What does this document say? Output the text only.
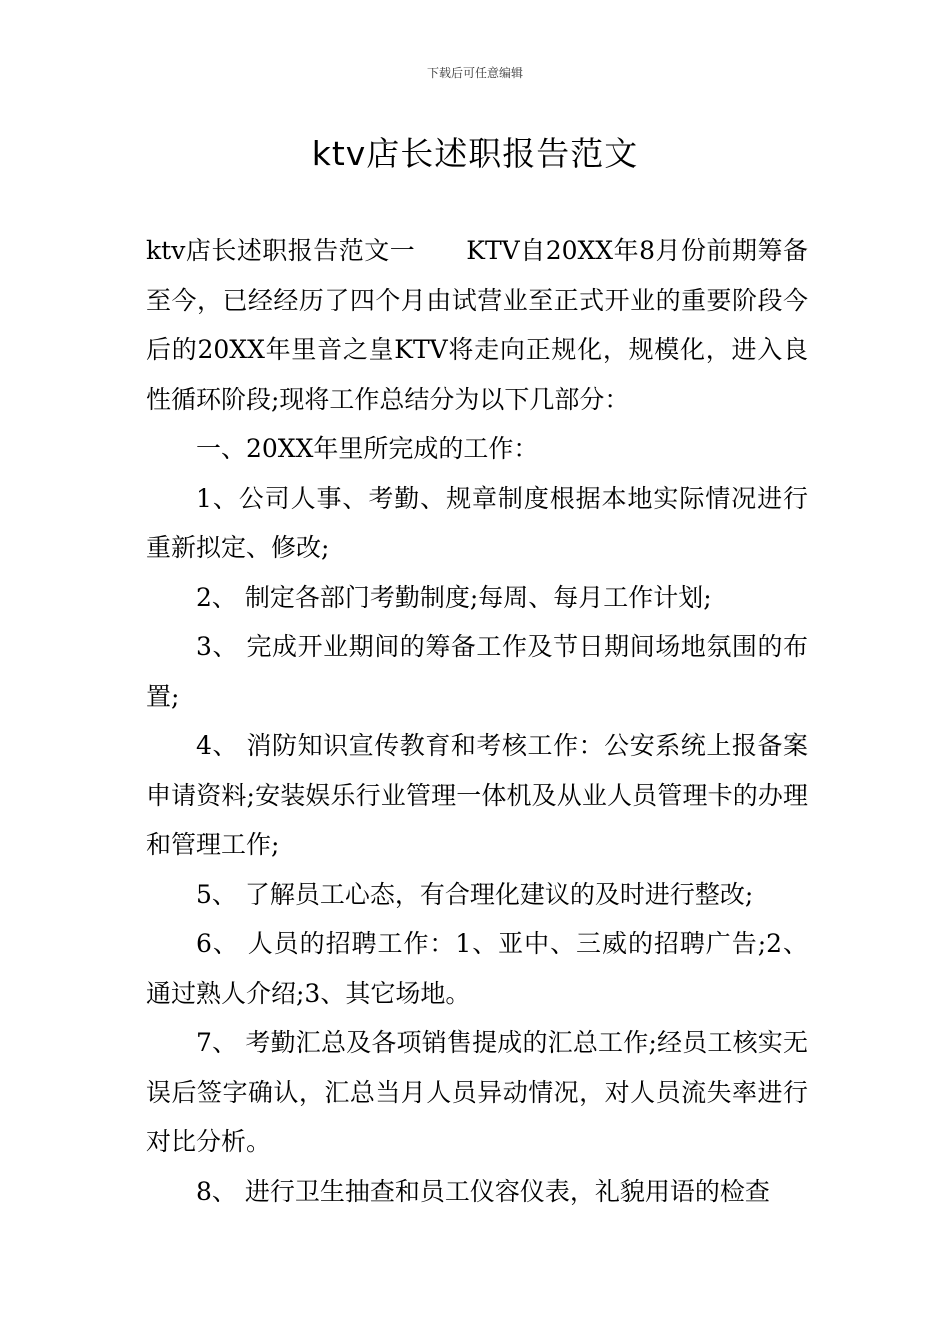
下载后可任意编辑
ktv店长述职报告范文

ktv店长述职报告范文一　　KTV自20XX年8月份前期筹备至今，已经经历了四个月由试营业至正式开业的重要阶段今后的20XX年里音之皇KTV将走向正规化，规模化，进入良性循环阶段;现将工作总结分为以下几部分：

一、20XX年里所完成的工作：

1、公司人事、考勤、规章制度根据本地实际情况进行重新拟定、修改;

2、 制定各部门考勤制度;每周、每月工作计划;

3、 完成开业期间的筹备工作及节日期间场地氛围的布置;

4、 消防知识宣传教育和考核工作：公安系统上报备案申请资料;安装娱乐行业管理一体机及从业人员管理卡的办理和管理工作;

5、 了解员工心态，有合理化建议的及时进行整改;

6、 人员的招聘工作：1、亚中、三威的招聘广告;2、通过熟人介绍;3、其它场地。

7、 考勤汇总及各项销售提成的汇总工作;经员工核实无误后签字确认，汇总当月人员异动情况，对人员流失率进行对比分析。

8、 进行卫生抽查和员工仪容仪表，礼貌用语的检查
